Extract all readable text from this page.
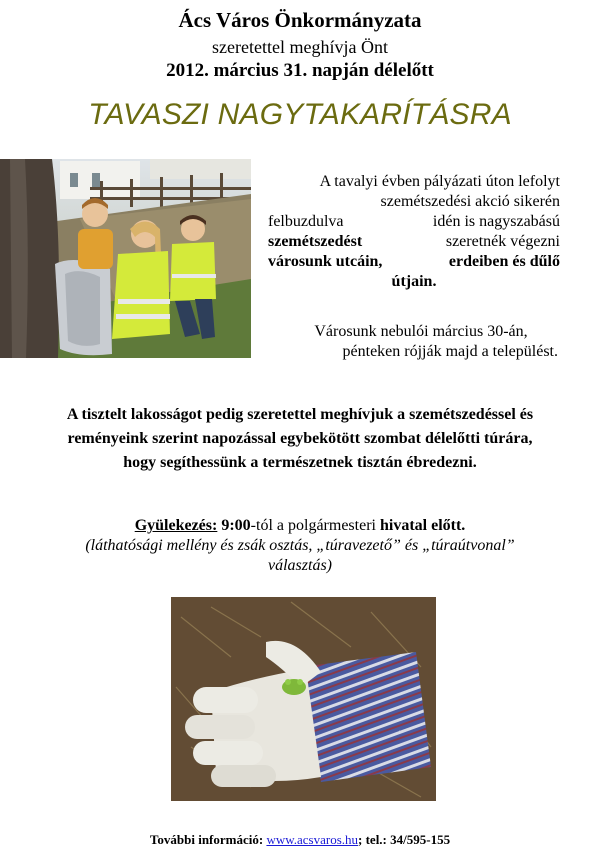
Ács Város Önkormányzata
szeretettel meghívja Önt
2012. március 31. napján délelőtt
TAVASZI NAGYTAKARÍTÁSRA

A tavalyi évben pályázati úton lefolyt

szemétszedési akció sikerén

felbuzdulva	idén is nagyszabású

szemétszedést	szeretnék végezni

városunk utcáin,	erdeiben és dűlő

útjain.

Városunk nebulói március 30-án,
pénteken rójják majd a települést.
A tisztelt lakosságot pedig szeretettel meghívjuk a szemétszedéssel és
reményeink szerint napozással egybekötött szombat délelőtti túrára,
hogy segíthessünk a természetnek tisztán ébredezni.
Gyülekezés: 9:00-tól a polgármesteri hivatal előtt.
(láthatósági mellény és zsák osztás, „túravezető” és „túraútvonal”
választás)
További információ: www.acsvaros.hu; tel.: 34/595-155
